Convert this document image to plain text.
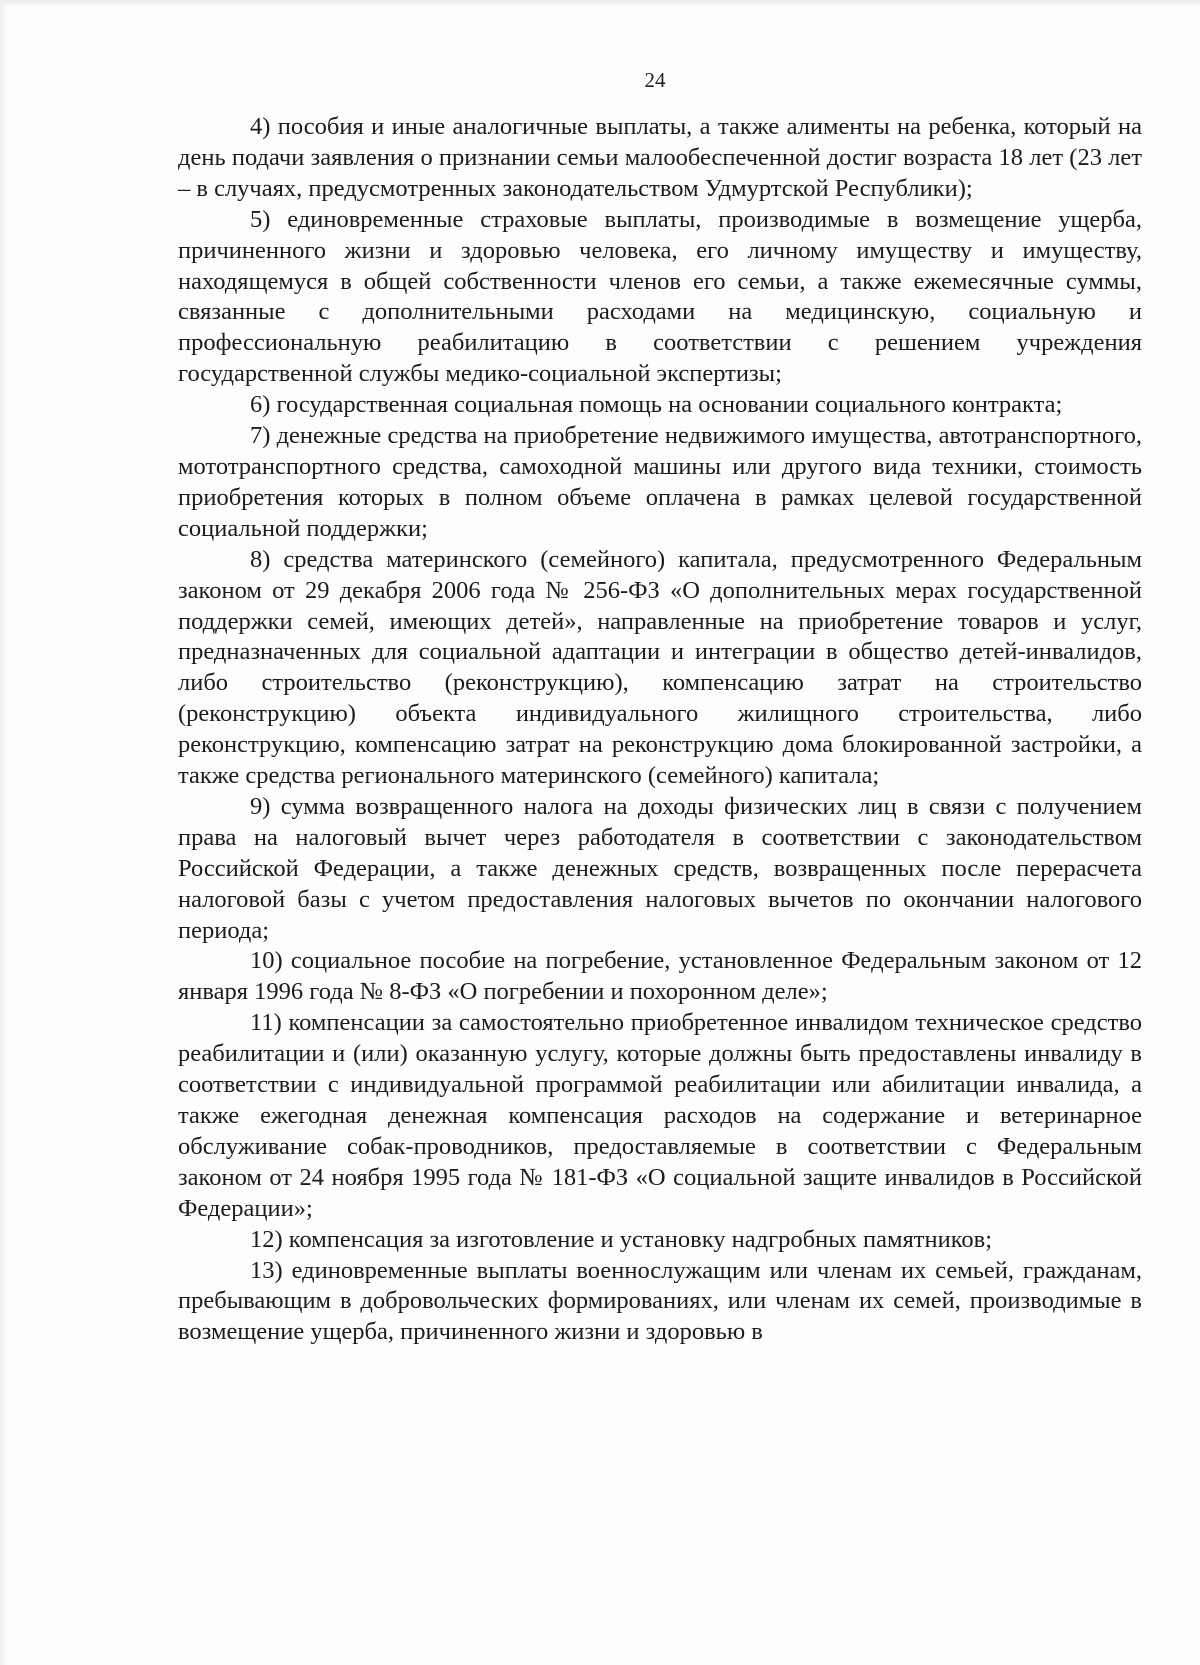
24

4) пособия и иные аналогичные выплаты, а также алименты на ребенка, который на день подачи заявления о признании семьи малообеспеченной достиг возраста 18 лет (23 лет – в случаях, предусмотренных законодательством Удмуртской Республики);

5) единовременные страховые выплаты, производимые в возмещение ущерба, причиненного жизни и здоровью человека, его личному имуществу и имуществу, находящемуся в общей собственности членов его семьи, а также ежемесячные суммы, связанные с дополнительными расходами на медицинскую, социальную и профессиональную реабилитацию в соответствии с решением учреждения государственной службы медико-социальной экспертизы;

6) государственная социальная помощь на основании социального контракта;

7) денежные средства на приобретение недвижимого имущества, автотранспортного, мототранспортного средства, самоходной машины или другого вида техники, стоимость приобретения которых в полном объеме оплачена в рамках целевой государственной социальной поддержки;

8) средства материнского (семейного) капитала, предусмотренного Федеральным законом от 29 декабря 2006 года № 256-ФЗ «О дополнительных мерах государственной поддержки семей, имеющих детей», направленные на приобретение товаров и услуг, предназначенных для социальной адаптации и интеграции в общество детей-инвалидов, либо строительство (реконструкцию), компенсацию затрат на строительство (реконструкцию) объекта индивидуального жилищного строительства, либо реконструкцию, компенсацию затрат на реконструкцию дома блокированной застройки, а также средства регионального материнского (семейного) капитала;

9) сумма возвращенного налога на доходы физических лиц в связи с получением права на налоговый вычет через работодателя в соответствии с законодательством Российской Федерации, а также денежных средств, возвращенных после перерасчета налоговой базы с учетом предоставления налоговых вычетов по окончании налогового периода;

10) социальное пособие на погребение, установленное Федеральным законом от 12 января 1996 года № 8-ФЗ «О погребении и похоронном деле»;

11) компенсации за самостоятельно приобретенное инвалидом техническое средство реабилитации и (или) оказанную услугу, которые должны быть предоставлены инвалиду в соответствии с индивидуальной программой реабилитации или абилитации инвалида, а также ежегодная денежная компенсация расходов на содержание и ветеринарное обслуживание собак-проводников, предоставляемые в соответствии с Федеральным законом от 24 ноября 1995 года № 181-ФЗ «О социальной защите инвалидов в Российской Федерации»;

12) компенсация за изготовление и установку надгробных памятников;

13) единовременные выплаты военнослужащим или членам их семьей, гражданам, пребывающим в добровольческих формированиях, или членам их семей, производимые в возмещение ущерба, причиненного жизни и здоровью в
